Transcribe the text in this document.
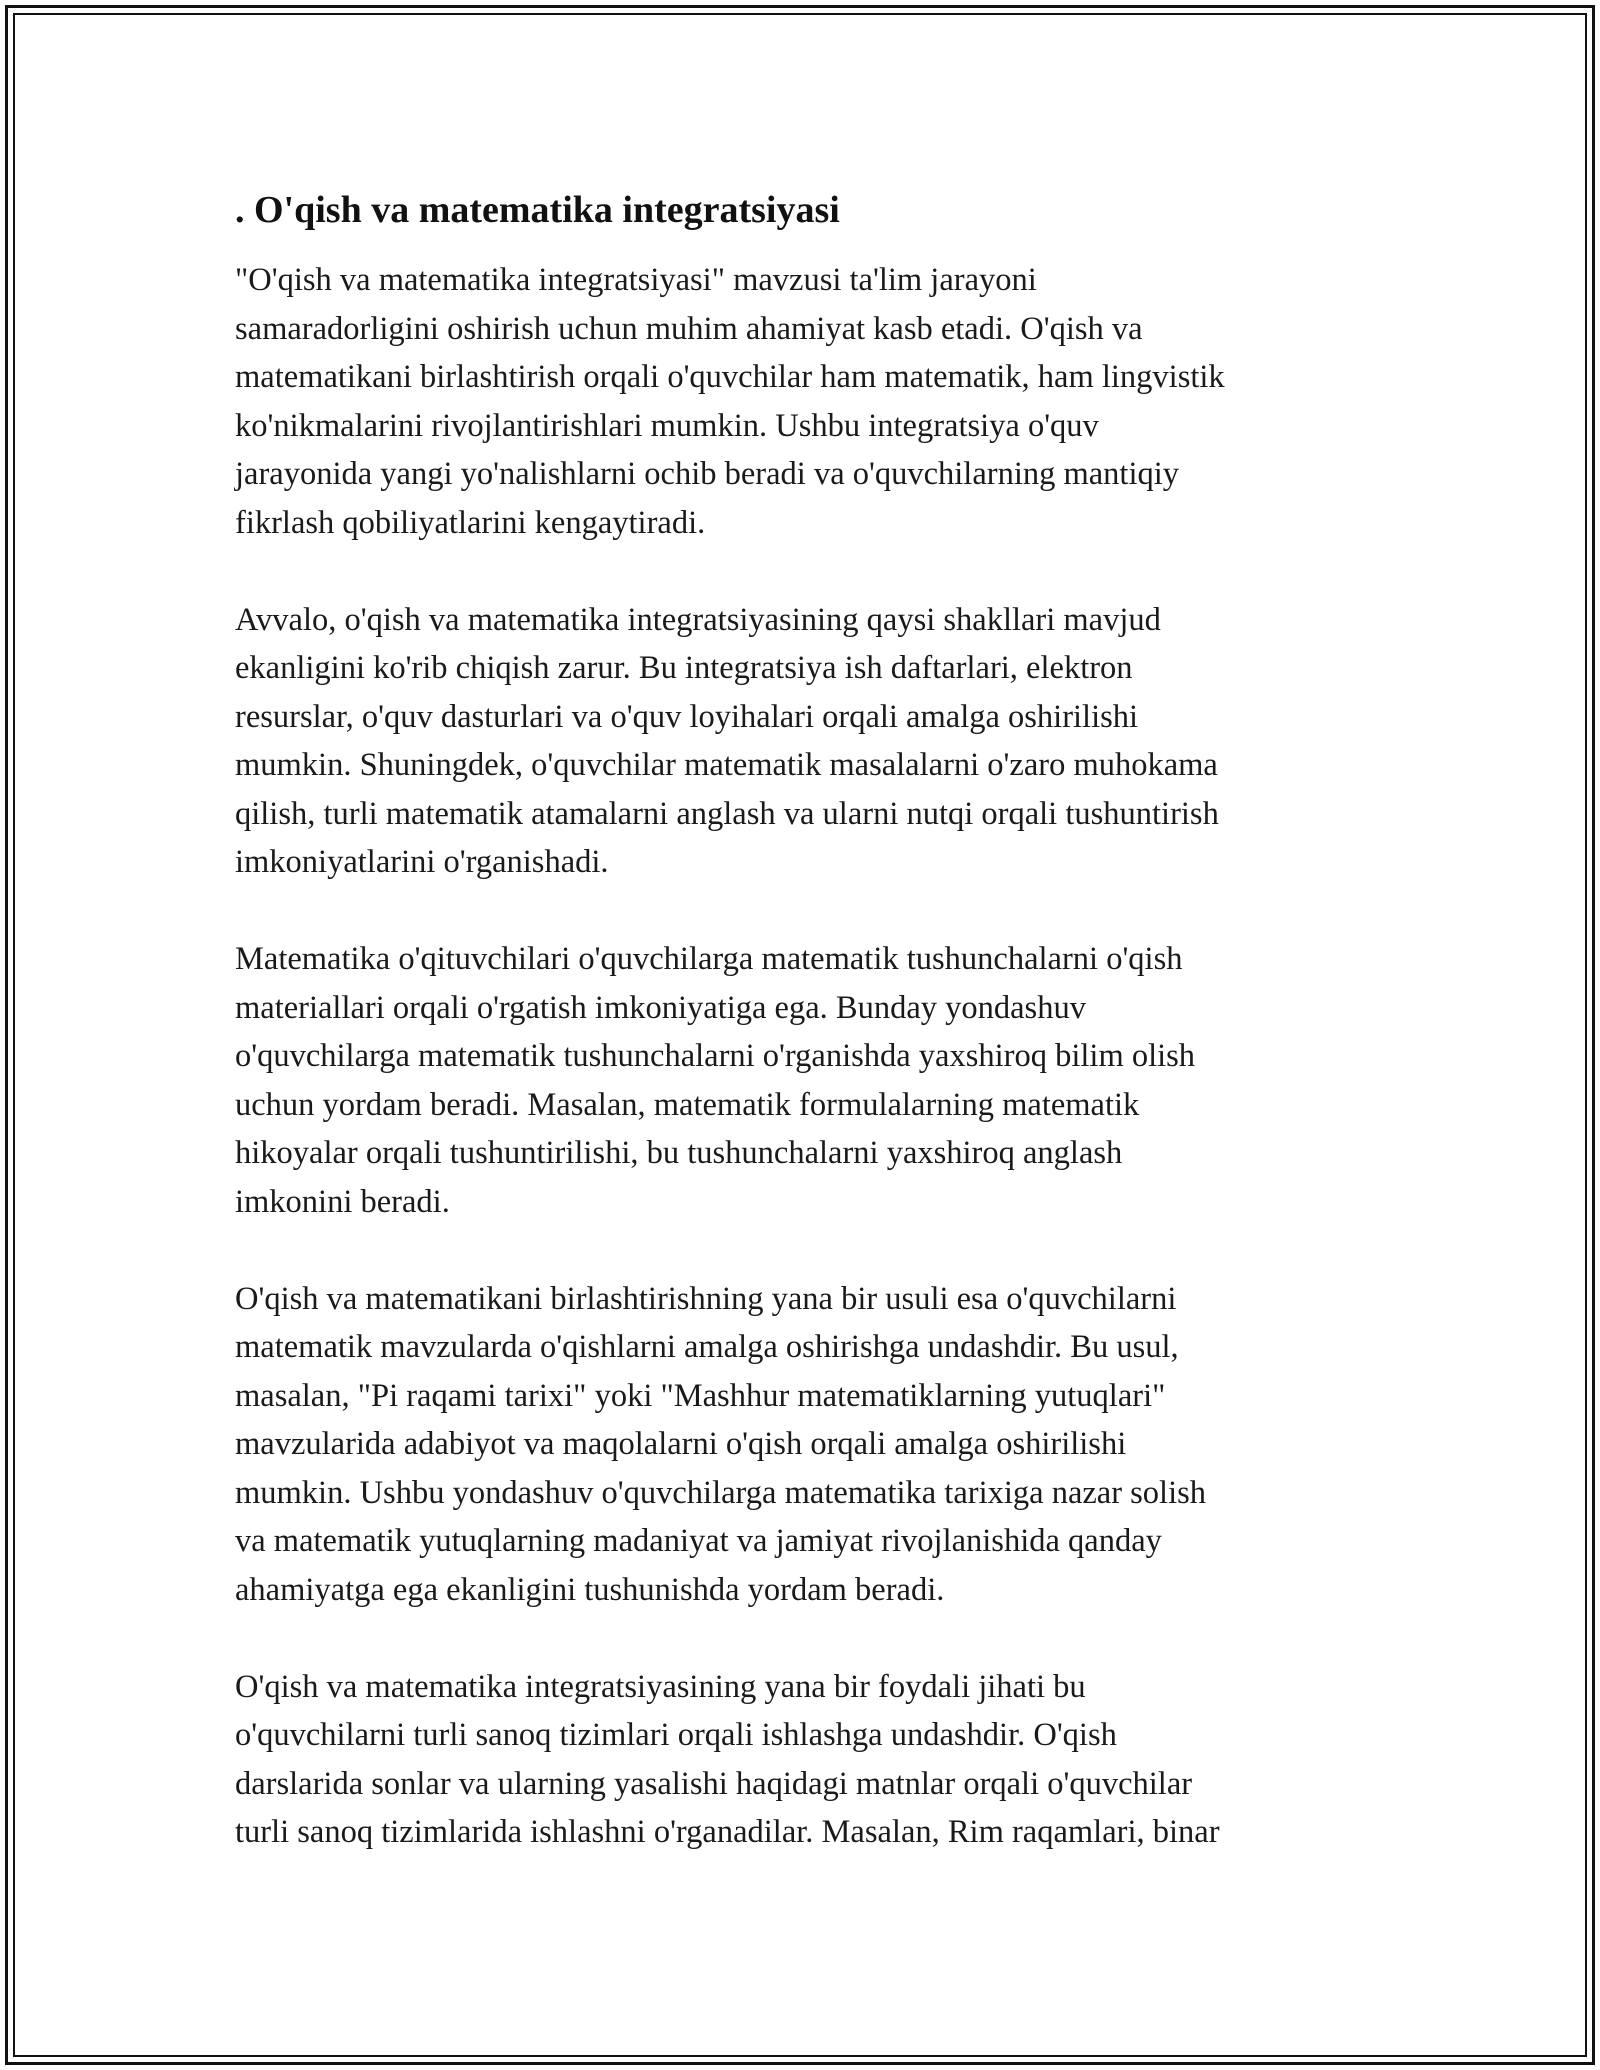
. O'qish va matematika integratsiyasi

"O'qish va matematika integratsiyasi" mavzusi ta'lim jarayoni
samaradorligini oshirish uchun muhim ahamiyat kasb etadi. O'qish va
matematikani birlashtirish orqali o'quvchilar ham matematik, ham lingvistik
ko'nikmalarini rivojlantirishlari mumkin. Ushbu integratsiya o'quv
jarayonida yangi yo'nalishlarni ochib beradi va o'quvchilarning mantiqiy
fikrlash qobiliyatlarini kengaytiradi.

Avvalo, o'qish va matematika integratsiyasining qaysi shakllari mavjud
ekanligini ko'rib chiqish zarur. Bu integratsiya ish daftarlari, elektron
resurslar, o'quv dasturlari va o'quv loyihalari orqali amalga oshirilishi
mumkin. Shuningdek, o'quvchilar matematik masalalarni o'zaro muhokama
qilish, turli matematik atamalarni anglash va ularni nutqi orqali tushuntirish
imkoniyatlarini o'rganishadi.

Matematika o'qituvchilari o'quvchilarga matematik tushunchalarni o'qish
materiallari orqali o'rgatish imkoniyatiga ega. Bunday yondashuv
o'quvchilarga matematik tushunchalarni o'rganishda yaxshiroq bilim olish
uchun yordam beradi. Masalan, matematik formulalarning matematik
hikoyalar orqali tushuntirilishi, bu tushunchalarni yaxshiroq anglash
imkonini beradi.

O'qish va matematikani birlashtirishning yana bir usuli esa o'quvchilarni
matematik mavzularda o'qishlarni amalga oshirishga undashdir. Bu usul,
masalan, "Pi raqami tarixi" yoki "Mashhur matematiklarning yutuqlari"
mavzularida adabiyot va maqolalarni o'qish orqali amalga oshirilishi
mumkin. Ushbu yondashuv o'quvchilarga matematika tarixiga nazar solish
va matematik yutuqlarning madaniyat va jamiyat rivojlanishida qanday
ahamiyatga ega ekanligini tushunishda yordam beradi.

O'qish va matematika integratsiyasining yana bir foydali jihati bu
o'quvchilarni turli sanoq tizimlari orqali ishlashga undashdir. O'qish
darslarida sonlar va ularning yasalishi haqidagi matnlar orqali o'quvchilar
turli sanoq tizimlarida ishlashni o'rganadilar. Masalan, Rim raqamlari, binar
